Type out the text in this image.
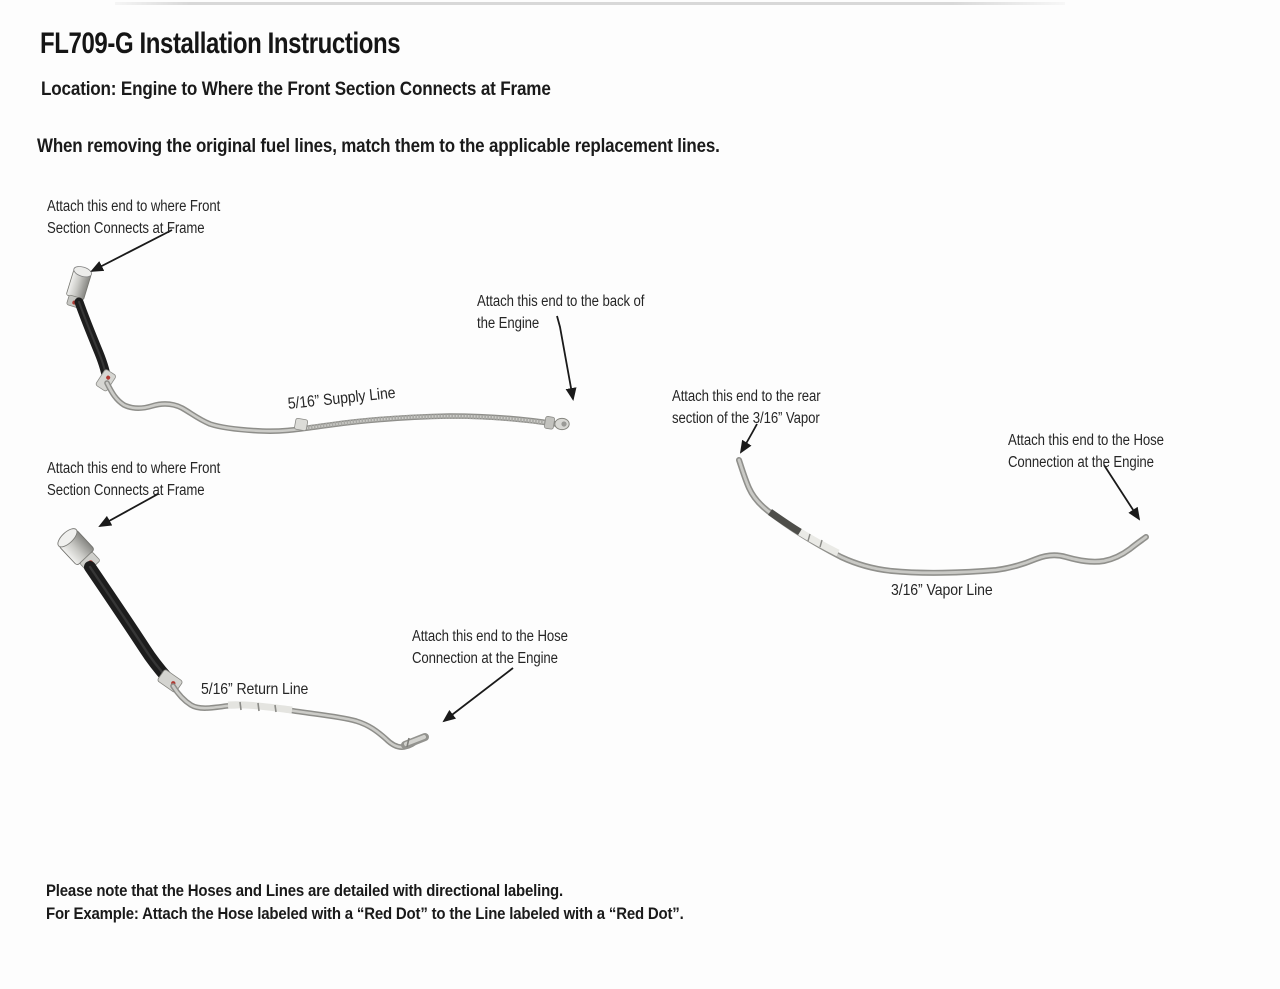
FL709-G Installation Instructions
Location: Engine to Where the Front Section Connects at Frame
When removing the original fuel lines, match them to the applicable replacement lines.
Attach this end to where Front
Section Connects at Frame
Attach this end to the back of
the Engine
Attach this end to the rear
section of the 3/16” Vapor
Attach this end to the Hose
Connection at the Engine
Attach this end to where Front
Section Connects at Frame
Attach this end to the Hose
Connection at the Engine
5/16” Supply Line
5/16” Return Line
3/16” Vapor Line
Please note that the Hoses and Lines are detailed with directional labeling.
For Example: Attach the Hose labeled with a “Red Dot” to the Line labeled with a “Red Dot”.
